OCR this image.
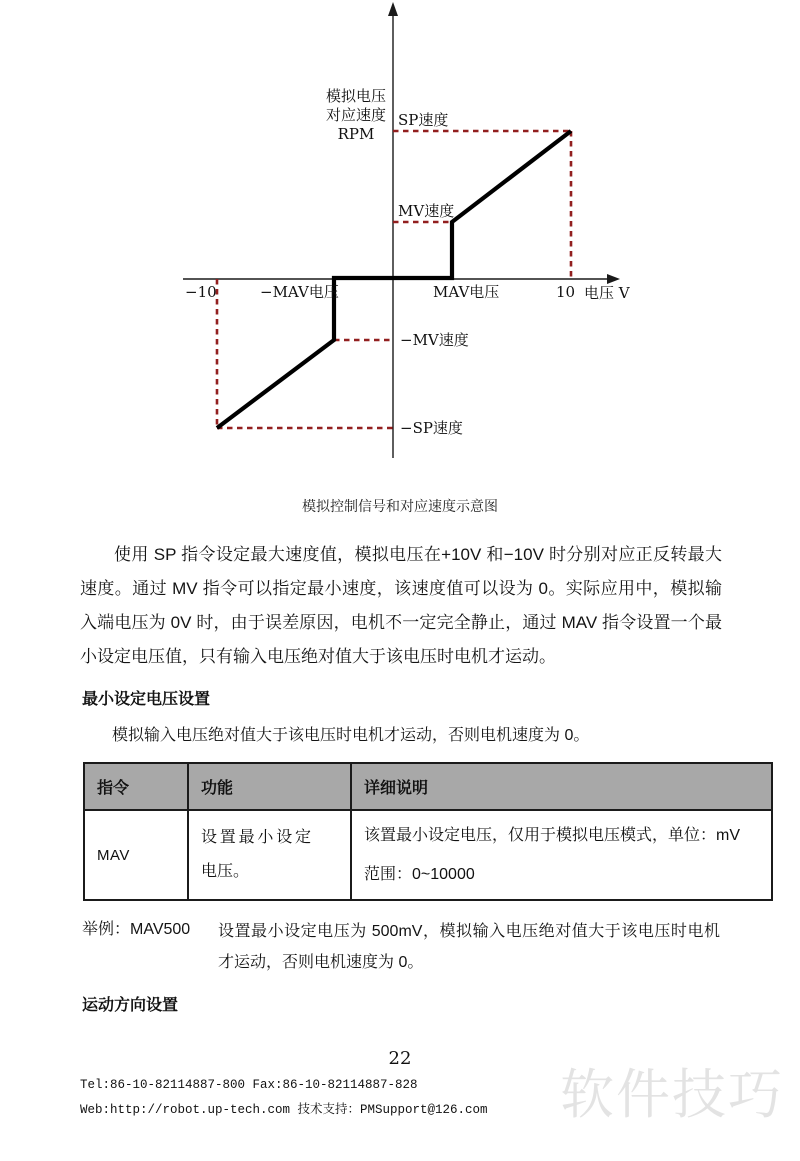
模拟电压
对应速度
RPM
SP速度
MV速度
−MV速度
−SP速度
−MAV电压	MAV电压
−10	10 电压 V
模拟控制信号和对应速度示意图
使用 SP 指令设定最大速度值，模拟电压在+10V 和−10V 时分别对应正反转最大速度。通过 MV 指令可以指定最小速度，该速度值可以设为 0。实际应用中，模拟输入端电压为 0V 时，由于误差原因，电机不一定完全静止，通过 MAV 指令设置一个最小设定电压值，只有输入电压绝对值大于该电压时电机才运动。
最小设定电压设置
模拟输入电压绝对值大于该电压时电机才运动，否则电机速度为 0。
指令	功能	详细说明
MAV	设置最小设定电压。	该置最小设定电压，仅用于模拟电压模式，单位：mV
范围：0~10000
举例：MAV500 设置最小设定电压为 500mV，模拟输入电压绝对值大于该电压时电机才运动，否则电机速度为 0。
运动方向设置
22
Tel:86-10-82114887-800 Fax:86-10-82114887-828
Web:http://robot.up-tech.com 技术支持：PMSupport@126.com 软件技巧
